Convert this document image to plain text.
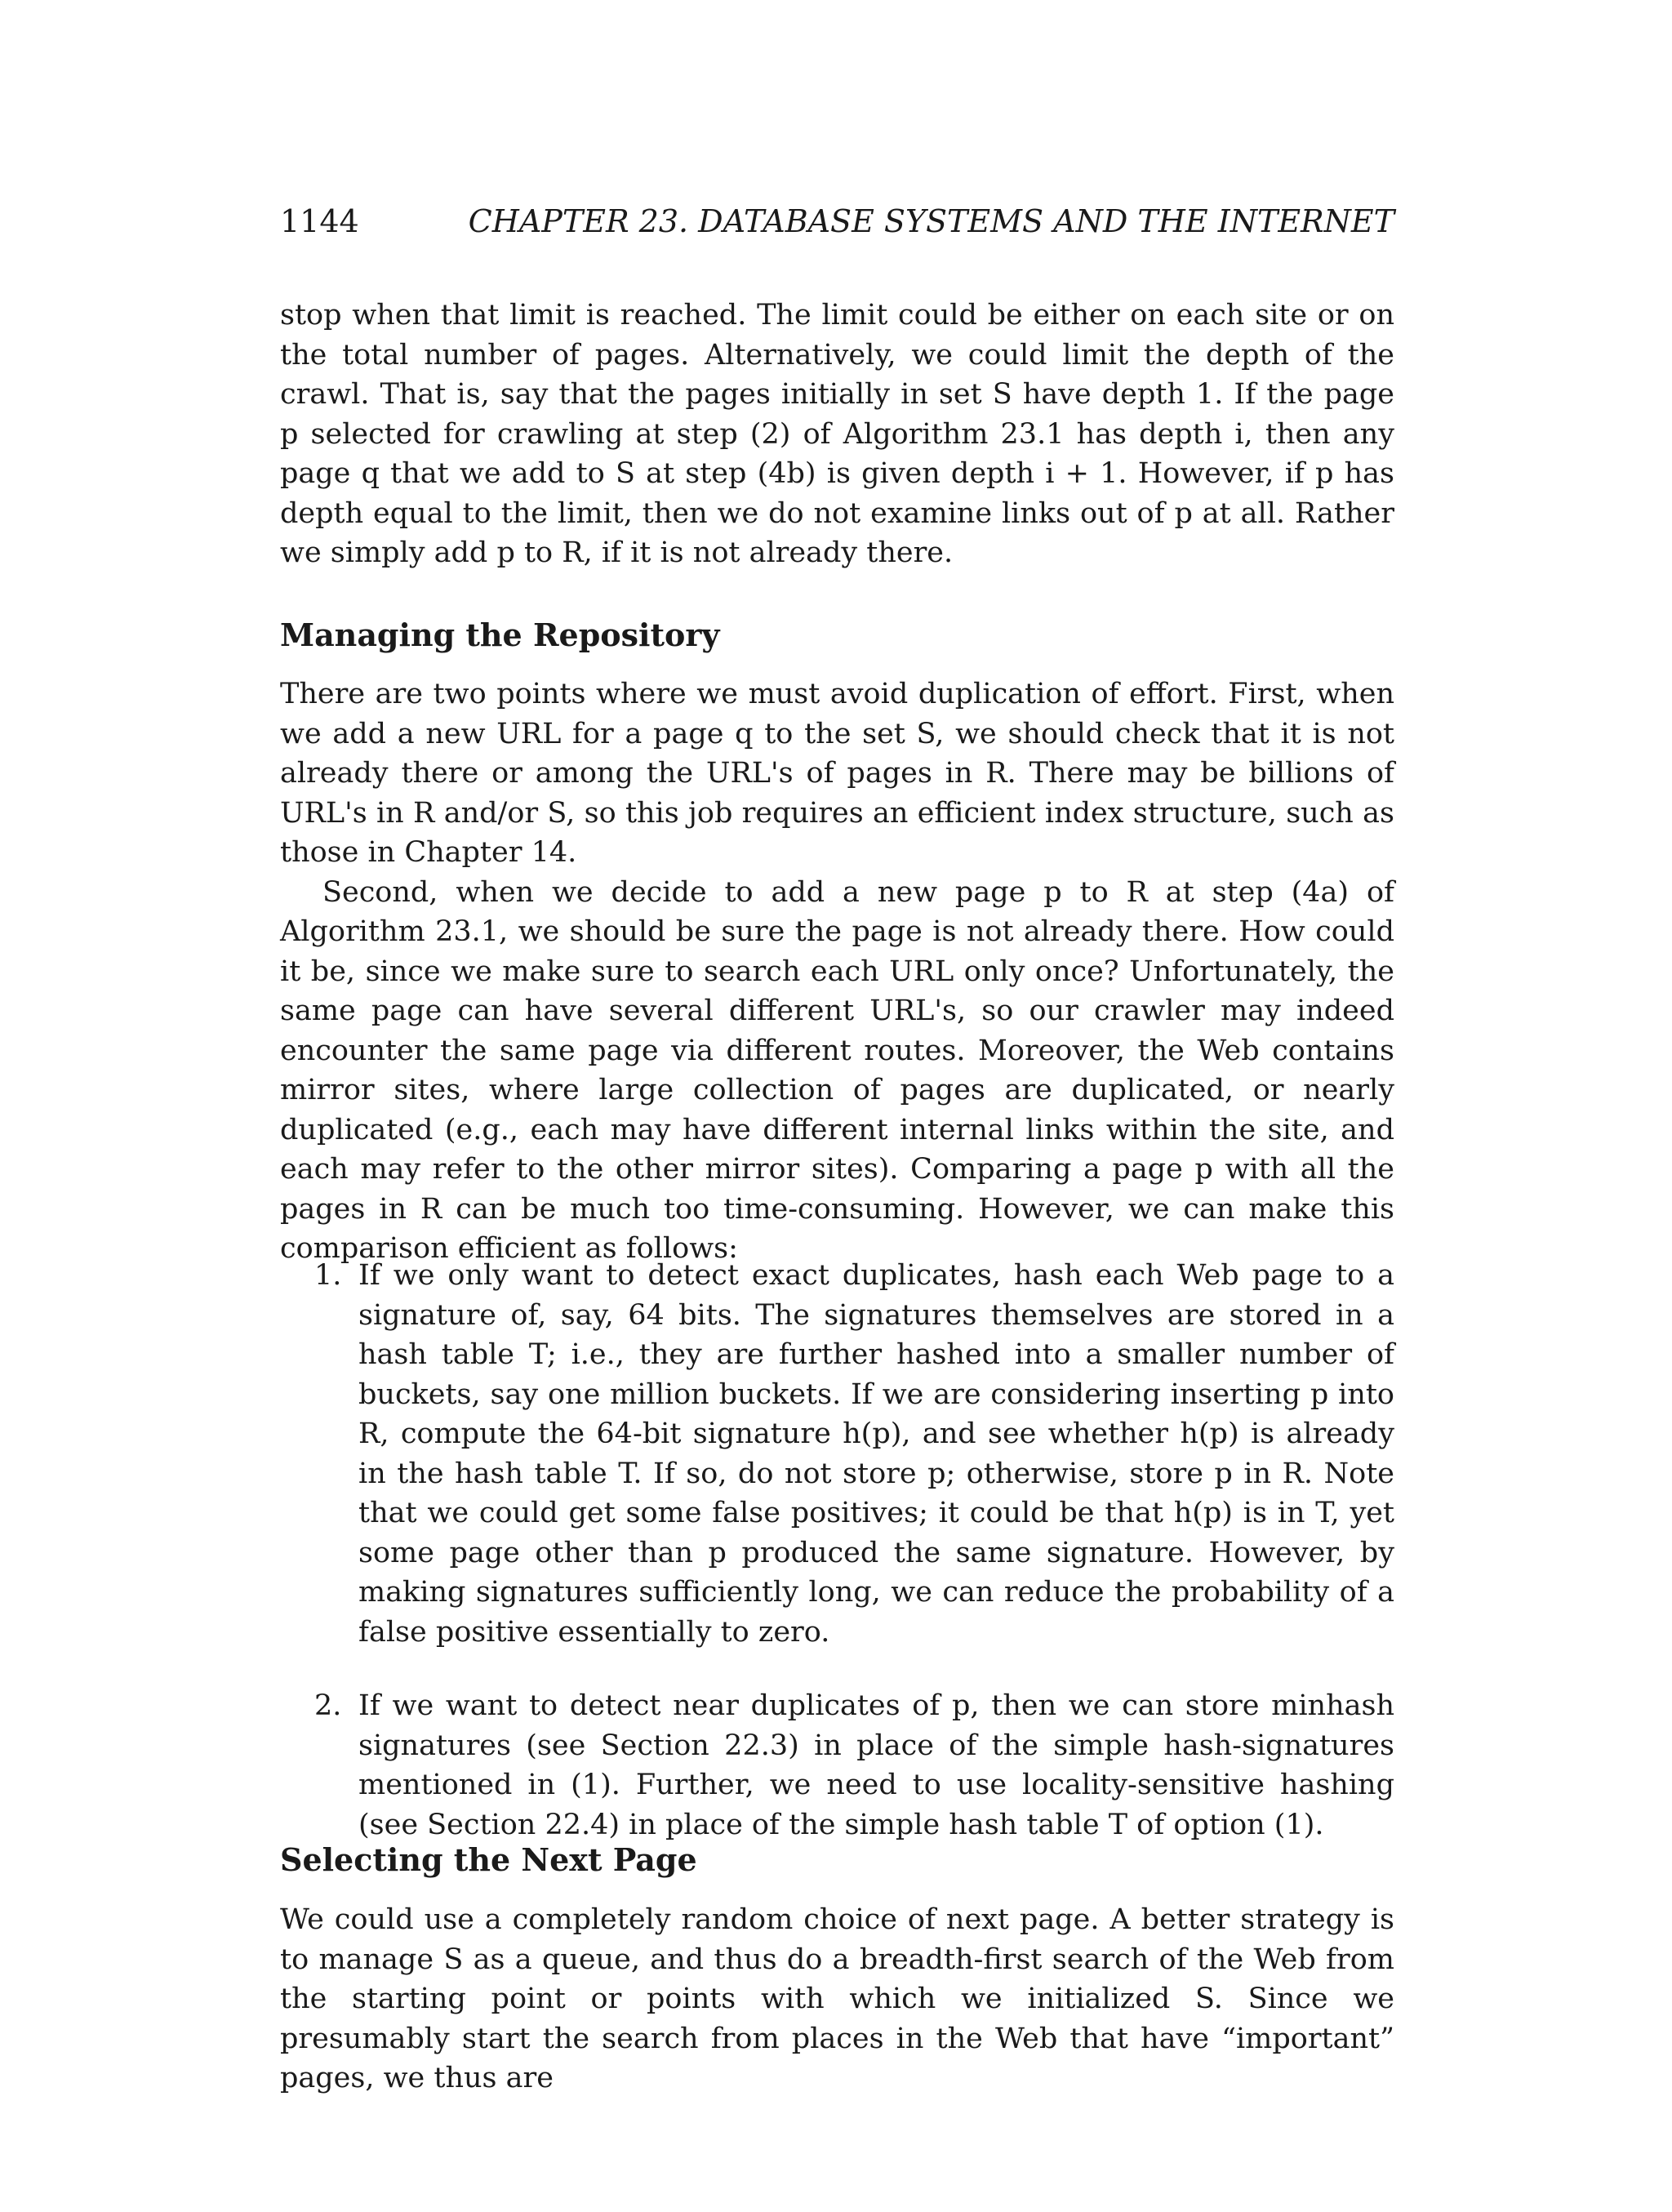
1144	CHAPTER 23. DATABASE SYSTEMS AND THE INTERNET

stop when that limit is reached. The limit could be either on each site or on the total number of pages. Alternatively, we could limit the depth of the crawl. That is, say that the pages initially in set S have depth 1. If the page p selected for crawling at step (2) of Algorithm 23.1 has depth i, then any page q that we add to S at step (4b) is given depth i + 1. However, if p has depth equal to the limit, then we do not examine links out of p at all. Rather we simply add p to R, if it is not already there.

Managing the Repository

There are two points where we must avoid duplication of effort. First, when we add a new URL for a page q to the set S, we should check that it is not already there or among the URL's of pages in R. There may be billions of URL's in R and/or S, so this job requires an efficient index structure, such as those in Chapter 14.

Second, when we decide to add a new page p to R at step (4a) of Algorithm 23.1, we should be sure the page is not already there. How could it be, since we make sure to search each URL only once? Unfortunately, the same page can have several different URL's, so our crawler may indeed encounter the same page via different routes. Moreover, the Web contains mirror sites, where large collection of pages are duplicated, or nearly duplicated (e.g., each may have different internal links within the site, and each may refer to the other mirror sites). Comparing a page p with all the pages in R can be much too time-consuming. However, we can make this comparison efficient as follows:

1. If we only want to detect exact duplicates, hash each Web page to a signature of, say, 64 bits. The signatures themselves are stored in a hash table T; i.e., they are further hashed into a smaller number of buckets, say one million buckets. If we are considering inserting p into R, compute the 64-bit signature h(p), and see whether h(p) is already in the hash table T. If so, do not store p; otherwise, store p in R. Note that we could get some false positives; it could be that h(p) is in T, yet some page other than p produced the same signature. However, by making signatures sufficiently long, we can reduce the probability of a false positive essentially to zero.
2. If we want to detect near duplicates of p, then we can store minhash signatures (see Section 22.3) in place of the simple hash-signatures mentioned in (1). Further, we need to use locality-sensitive hashing (see Section 22.4) in place of the simple hash table T of option (1).
Selecting the Next Page

We could use a completely random choice of next page. A better strategy is to manage S as a queue, and thus do a breadth-first search of the Web from the starting point or points with which we initialized S. Since we presumably start the search from places in the Web that have “important” pages, we thus are
